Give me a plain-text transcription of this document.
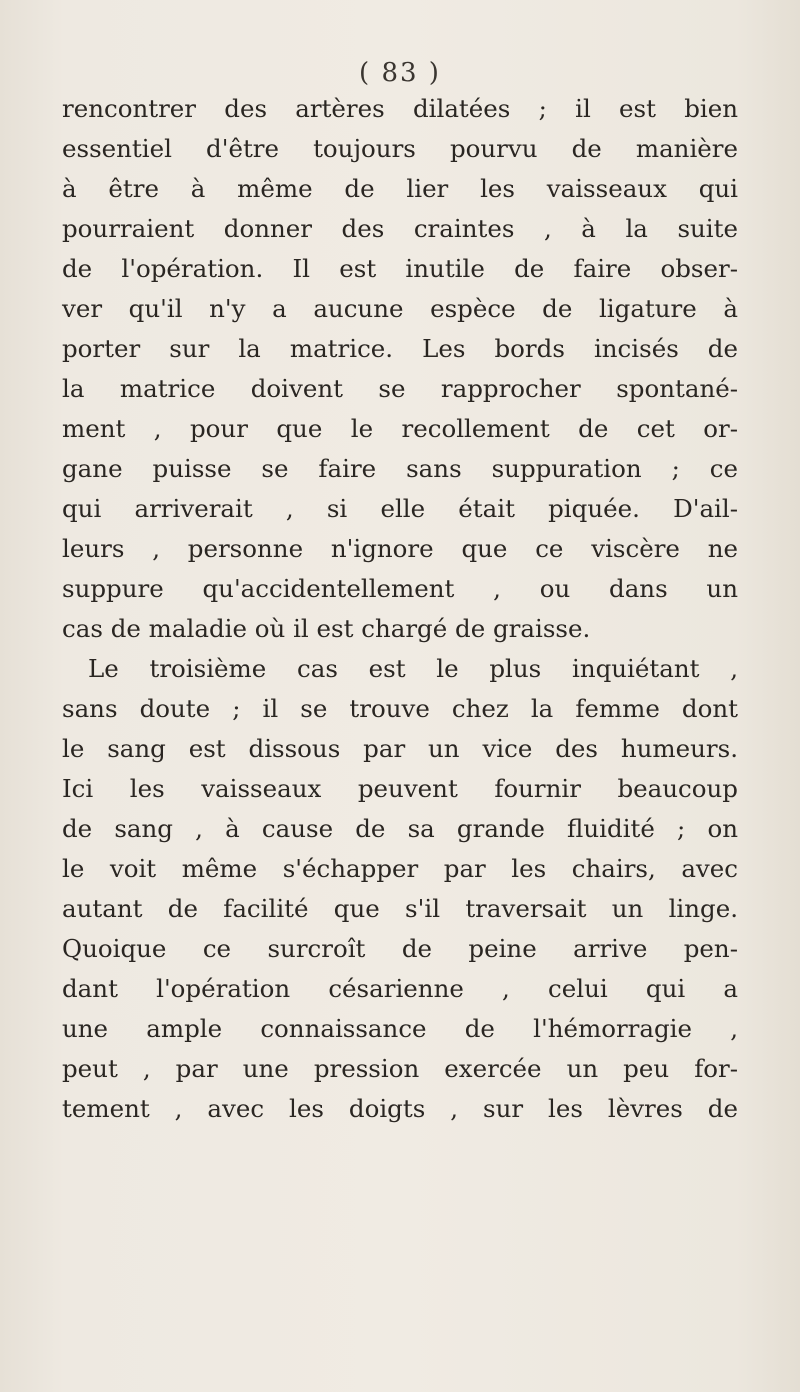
( 83 )
rencontrer des artères dilatées ; il est bien
essentiel d'être toujours pourvu de manière
à être à même de lier les vaisseaux qui
pourraient donner des craintes , à la suite
de l'opération. Il est inutile de faire obser-
ver qu'il n'y a aucune espèce de ligature à
porter sur la matrice. Les bords incisés de
la matrice doivent se rapprocher spontané-
ment , pour que le recollement de cet or-
gane puisse se faire sans suppuration ; ce
qui arriverait , si elle était piquée. D'ail-
leurs , personne n'ignore que ce viscère ne
suppure qu'accidentellement , ou dans un
cas de maladie où il est chargé de graisse.
Le troisième cas est le plus inquiétant ,
sans doute ; il se trouve chez la femme dont
le sang est dissous par un vice des humeurs.
Ici les vaisseaux peuvent fournir beaucoup
de sang , à cause de sa grande fluidité ; on
le voit même s'échapper par les chairs, avec
autant de facilité que s'il traversait un linge.
Quoique ce surcroît de peine arrive pen-
dant l'opération césarienne , celui qui a
une ample connaissance de l'hémorragie ,
peut , par une pression exercée un peu for-
tement , avec les doigts , sur les lèvres de
